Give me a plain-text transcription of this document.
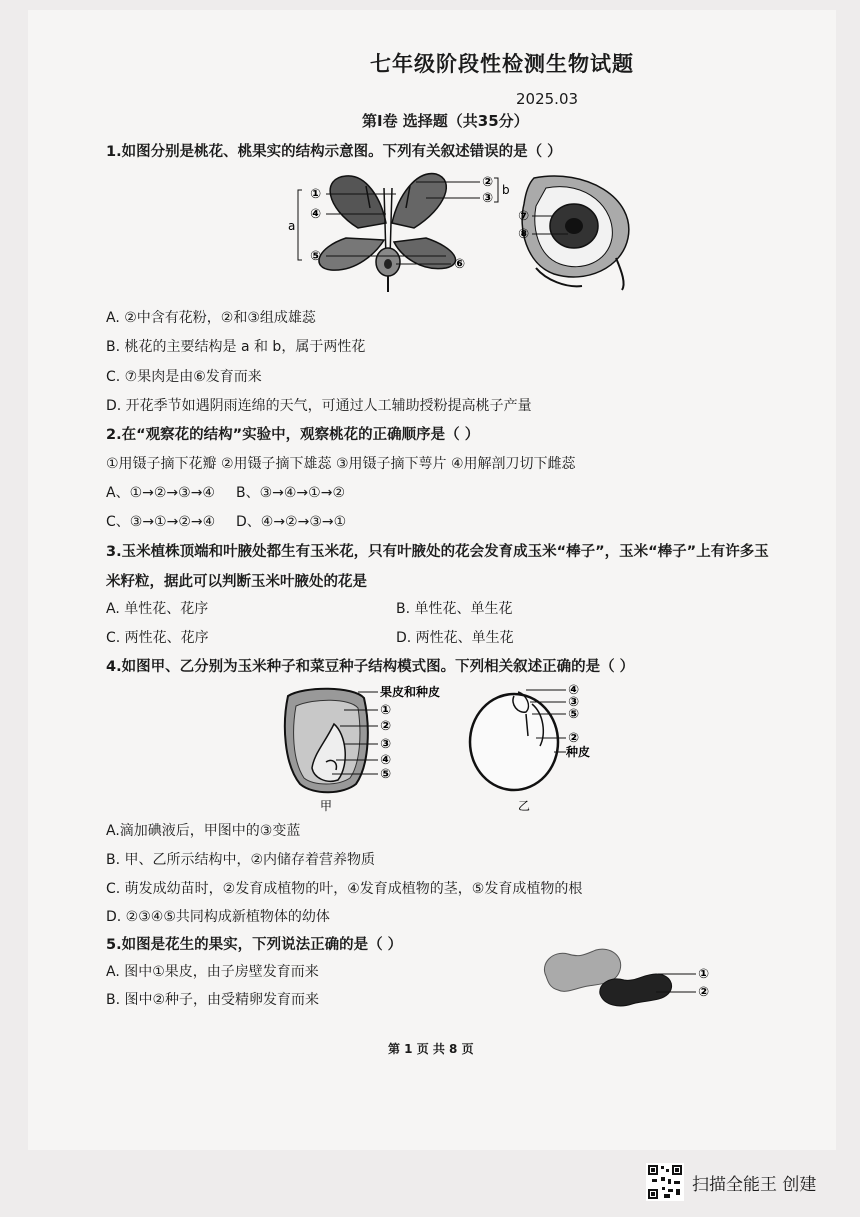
七年级阶段性检测生物试题
2025.03
第Ⅰ卷 选择题（共35分）
1.如图分别是桃花、桃果实的结构示意图。下列有关叙述错误的是（ ）
①
②
③
④
⑤
⑥
a
b
⑦
⑧
A. ②中含有花粉，②和③组成雄蕊
B. 桃花的主要结构是 a 和 b，属于两性花
C. ⑦果肉是由⑥发育而来
D. 开花季节如遇阴雨连绵的天气，可通过人工辅助授粉提高桃子产量
2.在“观察花的结构”实验中，观察桃花的正确顺序是（ ）
①用镊子摘下花瓣 ②用镊子摘下雄蕊 ③用镊子摘下萼片 ④用解剖刀切下雌蕊
A、①→②→③→④ B、③→④→①→②
C、③→①→②→④ D、④→②→③→①
3.玉米植株顶端和叶腋处都生有玉米花，只有叶腋处的花会发育成玉米“棒子”，玉米“棒子”上有许多玉
米籽粒，据此可以判断玉米叶腋处的花是
A. 单性花、花序	B. 单性花、单生花
C. 两性花、花序	D. 两性花、单生花
4.如图甲、乙分别为玉米种子和菜豆种子结构模式图。下列相关叙述正确的是（ ）
果皮和种皮
①
②
③
④
⑤
甲
④
③
⑤
②
种皮
乙
A.滴加碘液后，甲图中的③变蓝
B. 甲、乙所示结构中，②内储存着营养物质
C. 萌发成幼苗时，②发育成植物的叶，④发育成植物的茎，⑤发育成植物的根
D. ②③④⑤共同构成新植物体的幼体
5.如图是花生的果实，下列说法正确的是（ ）
A. 图中①果皮，由子房壁发育而来
B. 图中②种子，由受精卵发育而来
①
②
第 1 页 共 8 页
扫描全能王 创建
